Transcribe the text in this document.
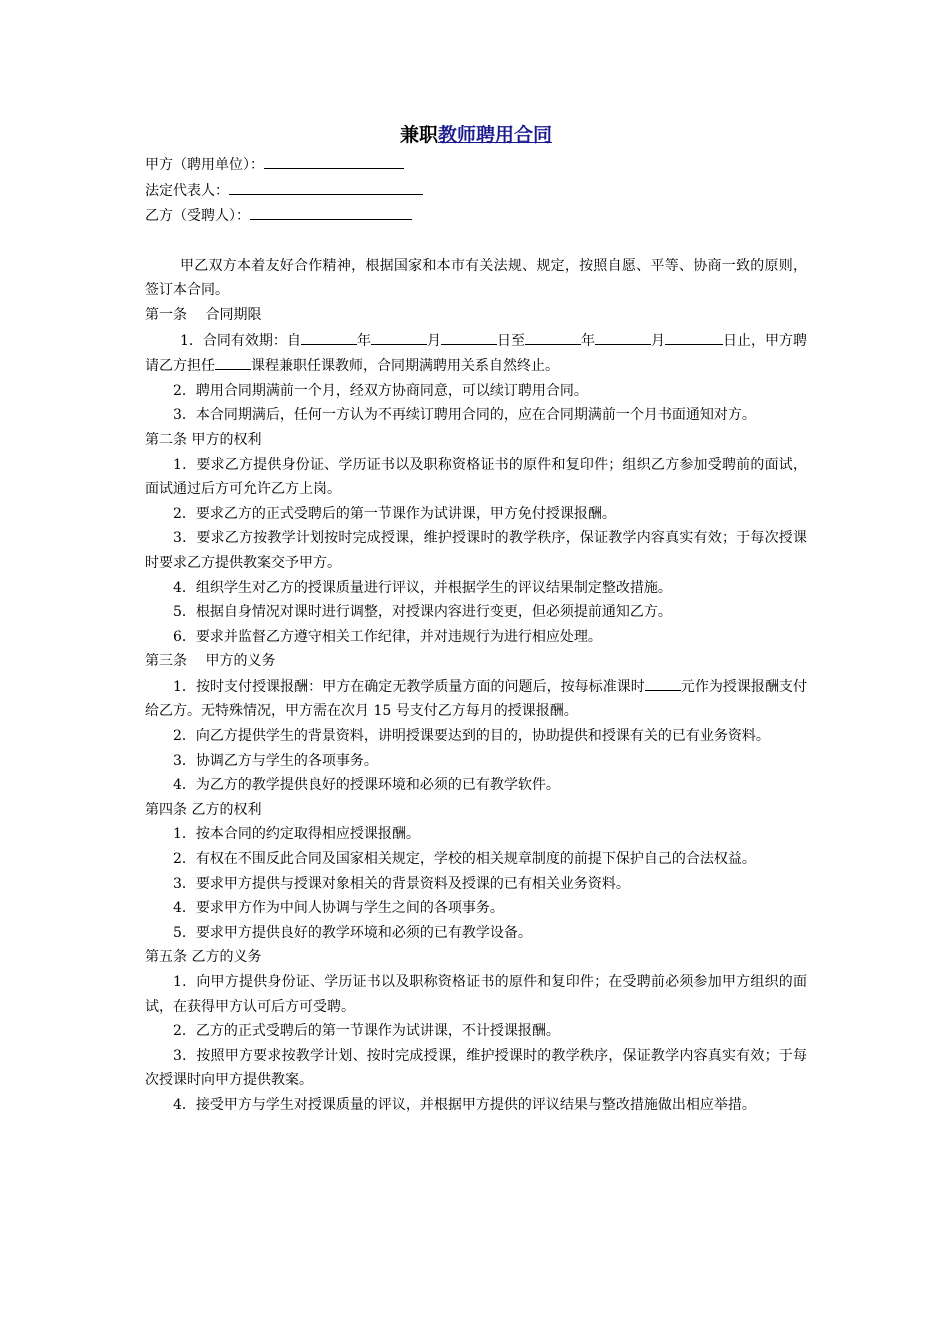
兼职教师聘用合同

甲方（聘用单位）：

法定代表人：

乙方（受聘人）：

甲乙双方本着友好合作精神，根据国家和本市有关法规、规定，按照自愿、平等、协商一致的原则，签订本合同。

第一条　 合同期限

1．合同有效期：自	年	月	日至	年	月	日止，甲方聘请乙方担任	课程兼职任课教师，合同期满聘用关系自然终止。

2．聘用合同期满前一个月，经双方协商同意，可以续订聘用合同。

3．本合同期满后，任何一方认为不再续订聘用合同的，应在合同期满前一个月书面通知对方。

第二条 甲方的权利

1．要求乙方提供身份证、学历证书以及职称资格证书的原件和复印件；组织乙方参加受聘前的面试，面试通过后方可允许乙方上岗。

2．要求乙方的正式受聘后的第一节课作为试讲课，甲方免付授课报酬。

3．要求乙方按教学计划按时完成授课，维护授课时的教学秩序，保证教学内容真实有效；于每次授课时要求乙方提供教案交予甲方。

4．组织学生对乙方的授课质量进行评议，并根据学生的评议结果制定整改措施。

5．根据自身情况对课时进行调整，对授课内容进行变更，但必须提前通知乙方。

6．要求并监督乙方遵守相关工作纪律，并对违规行为进行相应处理。

第三条　 甲方的义务

1．按时支付授课报酬：甲方在确定无教学质量方面的问题后，按每标准课时	元作为授课报酬支付给乙方。无特殊情况，甲方需在次月 15 号支付乙方每月的授课报酬。

2．向乙方提供学生的背景资料，讲明授课要达到的目的，协助提供和授课有关的已有业务资料。

3．协调乙方与学生的各项事务。

4．为乙方的教学提供良好的授课环境和必须的已有教学软件。

第四条 乙方的权利

1．按本合同的约定取得相应授课报酬。

2．有权在不围反此合同及国家相关规定，学校的相关规章制度的前提下保护自己的合法权益。

3．要求甲方提供与授课对象相关的背景资料及授课的已有相关业务资料。

4．要求甲方作为中间人协调与学生之间的各项事务。

5．要求甲方提供良好的教学环境和必须的已有教学设备。

第五条 乙方的义务

1．向甲方提供身份证、学历证书以及职称资格证书的原件和复印件；在受聘前必须参加甲方组织的面试，在获得甲方认可后方可受聘。

2．乙方的正式受聘后的第一节课作为试讲课，不计授课报酬。

3．按照甲方要求按教学计划、按时完成授课，维护授课时的教学秩序，保证教学内容真实有效；于每次授课时向甲方提供教案。

4．接受甲方与学生对授课质量的评议，并根据甲方提供的评议结果与整改措施做出相应举措。
